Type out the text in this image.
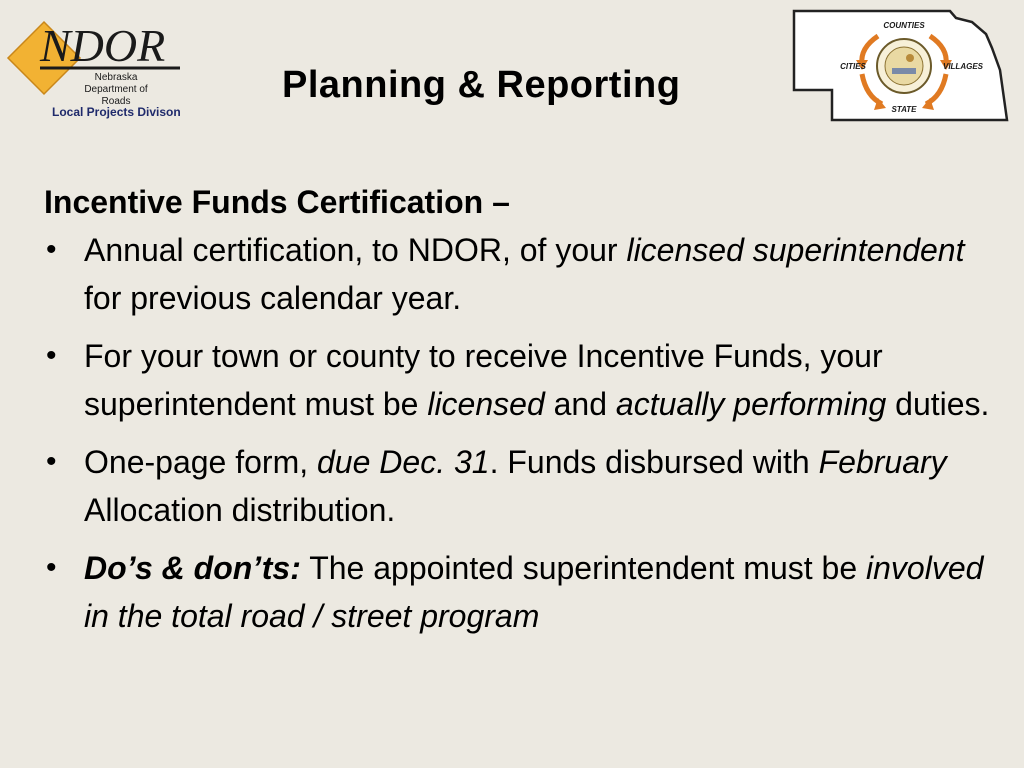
NDOR
Nebraska
Department of Roads
Local Projects Divison
Planning & Reporting
COUNTIES
CITIES	VILLAGES
STATE

Incentive Funds Certification –

• Annual certification, to NDOR, of your licensed superintendent for previous calendar year.
• For your town or county to receive Incentive Funds, your superintendent must be licensed and actually performing duties.
• One-page form, due Dec. 31. Funds disbursed with February Allocation distribution.
• Do’s & don’ts: The appointed superintendent must be involved in the total road / street program
